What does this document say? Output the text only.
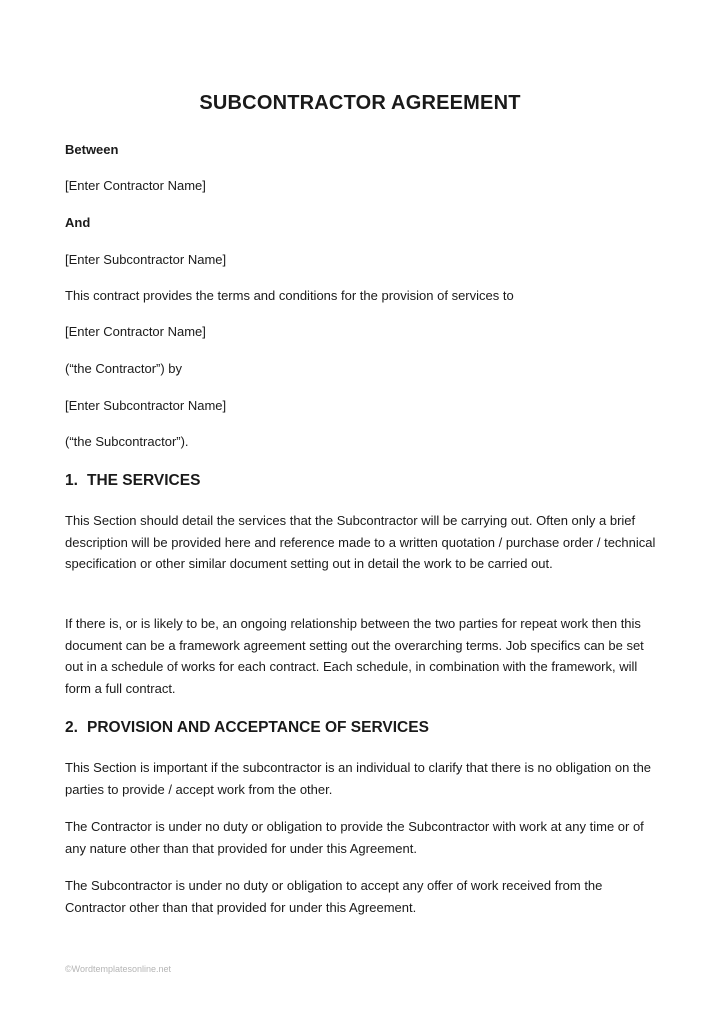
SUBCONTRACTOR AGREEMENT
Between
[Enter Contractor Name]
And
[Enter Subcontractor Name]
This contract provides the terms and conditions for the provision of services to
[Enter Contractor Name]
(“the Contractor”) by
[Enter Subcontractor Name]
(“the Subcontractor”).
1. THE SERVICES
This Section should detail the services that the Subcontractor will be carrying out. Often only a brief description will be provided here and reference made to a written quotation / purchase order / technical specification or other similar document setting out in detail the work to be carried out.
If there is, or is likely to be, an ongoing relationship between the two parties for repeat work then this document can be a framework agreement setting out the overarching terms. Job specifics can be set out in a schedule of works for each contract. Each schedule, in combination with the framework, will form a full contract.
2. PROVISION AND ACCEPTANCE OF SERVICES
This Section is important if the subcontractor is an individual to clarify that there is no obligation on the parties to provide / accept work from the other.
The Contractor is under no duty or obligation to provide the Subcontractor with work at any time or of any nature other than that provided for under this Agreement.
The Subcontractor is under no duty or obligation to accept any offer of work received from the Contractor other than that provided for under this Agreement.
©Wordtemplatesonline.net
